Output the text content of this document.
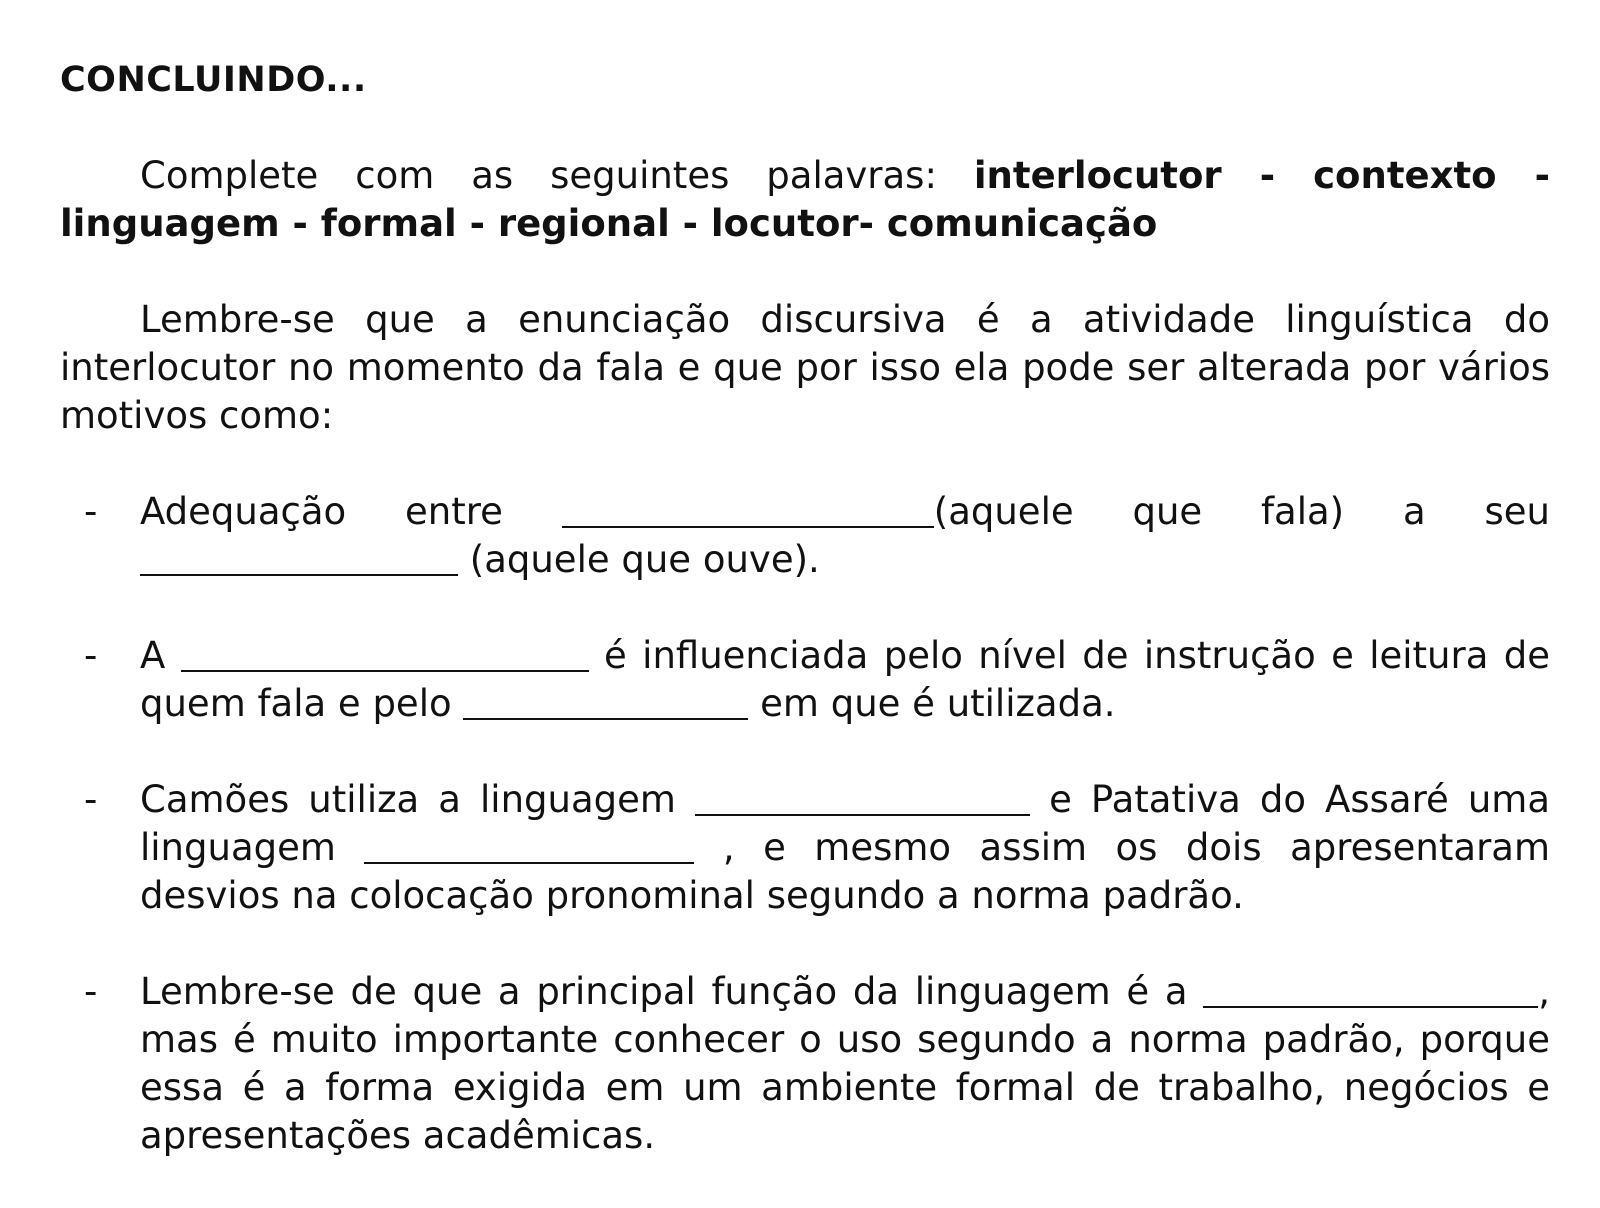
CONCLUINDO...

Complete com as seguintes palavras: interlocutor - contexto - linguagem - formal - regional - locutor- comunicação

Lembre-se que a enunciação discursiva é a atividade linguística do interlocutor no momento da fala e que por isso ela pode ser alterada por vários motivos como:

- Adequação entre	(aquele que fala) a seu  (aquele que ouve).
- A	é influenciada pelo nível de instrução e leitura de quem fala e pelo	em que é utilizada.
- Camões utiliza a linguagem	e Patativa do Assaré uma linguagem	, e mesmo assim os dois apresentaram desvios na colocação pronominal segundo a norma padrão.
- Lembre-se de que a principal função da linguagem é a	, mas é muito importante conhecer o uso segundo a norma padrão, porque essa é a forma exigida em um ambiente formal de trabalho, negócios e apresentações acadêmicas.
